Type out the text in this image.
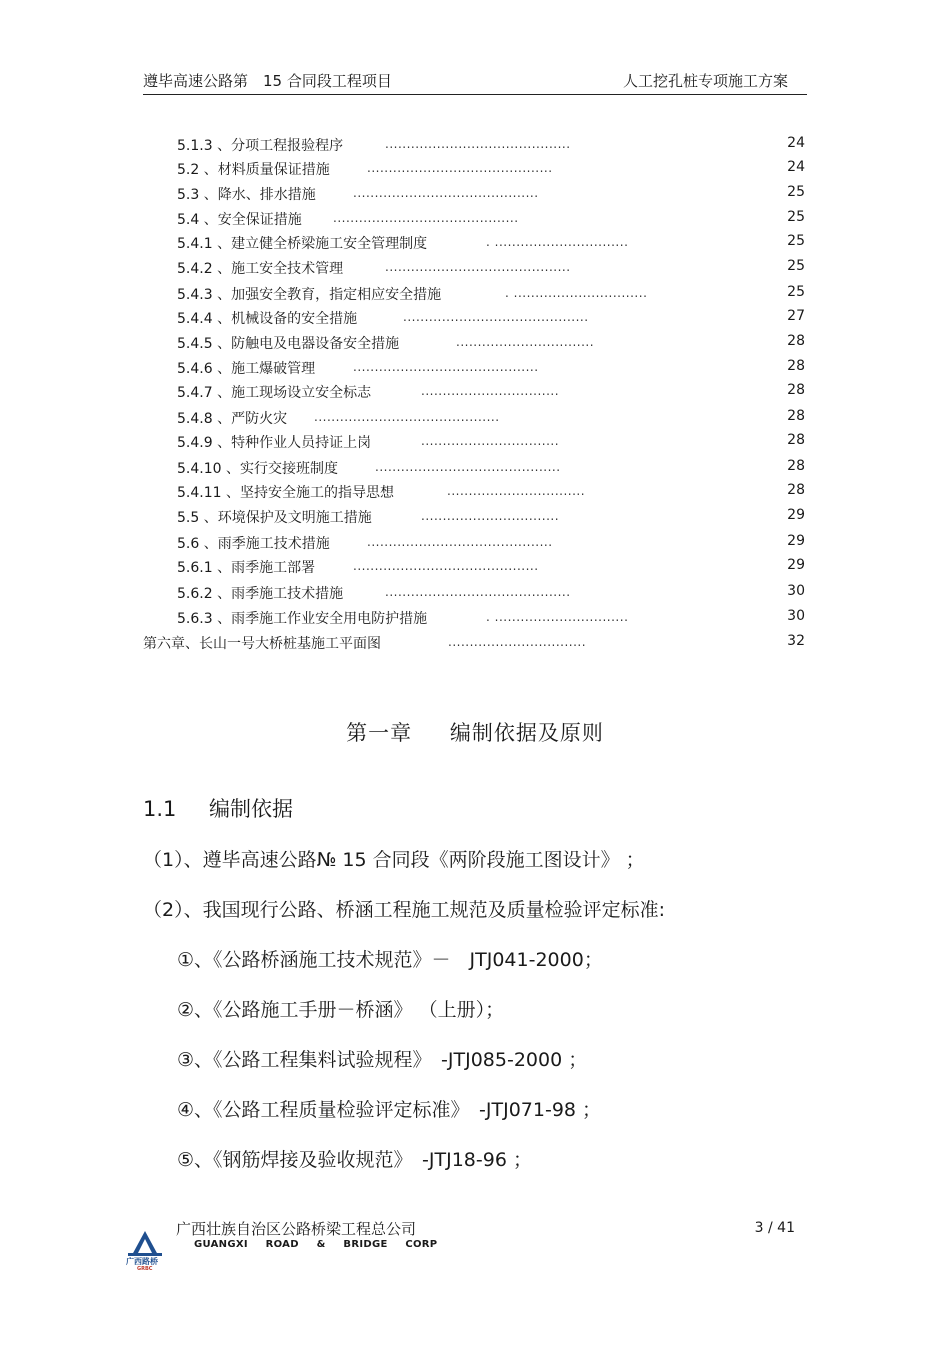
遵毕高速公路第　15 合同段工程项目	人工挖孔桩专项施工方案
5.1.3 、分项工程报验程序	...........................................	24
5.2 、材料质量保证措施	...........................................	24
5.3 、降水、排水措施	...........................................	25
5.4 、安全保证措施	...........................................	25
5.4.1 、建立健全桥梁施工安全管理制度	. ...............................	25
5.4.2 、施工安全技术管理	...........................................	25
5.4.3 、加强安全教育，指定相应安全措施	. ...............................	25
5.4.4 、机械设备的安全措施	...........................................	27
5.4.5 、防触电及电器设备安全措施	................................	28
5.4.6 、施工爆破管理	...........................................	28
5.4.7 、施工现场设立安全标志	................................	28
5.4.8 、严防火灾 ...........................................	28
5.4.9 、特种作业人员持证上岗	................................	28
5.4.10 、实行交接班制度	...........................................	28
5.4.11 、坚持安全施工的指导思想	................................	28
5.5 、环境保护及文明施工措施	................................	29
5.6 、雨季施工技术措施	...........................................	29
5.6.1 、雨季施工部署	...........................................	29
5.6.2 、雨季施工技术措施	...........................................	30
5.6.3 、雨季施工作业安全用电防护措施	. ...............................	30
第六章、长山一号大桥桩基施工平面图	................................	32
第一章 编制依据及原则
1.1 编制依据
（1）、遵毕高速公路№ 15 合同段《两阶段施工图设计》 ；
（2）、我国现行公路、桥涵工程施工规范及质量检验评定标准:
①、《公路桥涵施工技术规范》－　JTJ041-2000；
②、《公路施工手册－桥涵》 （上册）；
③、《公路工程集料试验规程》　-JTJ085-2000 ；
④、《公路工程质量检验评定标准》　-JTJ071-98 ；
⑤、《钢筋焊接及验收规范》　-JTJ18-96 ；
广西路桥
GRBC
广西壮族自治区公路桥梁工程总公司
GUANGXI ROAD & BRIDGE CORP
3 / 41
